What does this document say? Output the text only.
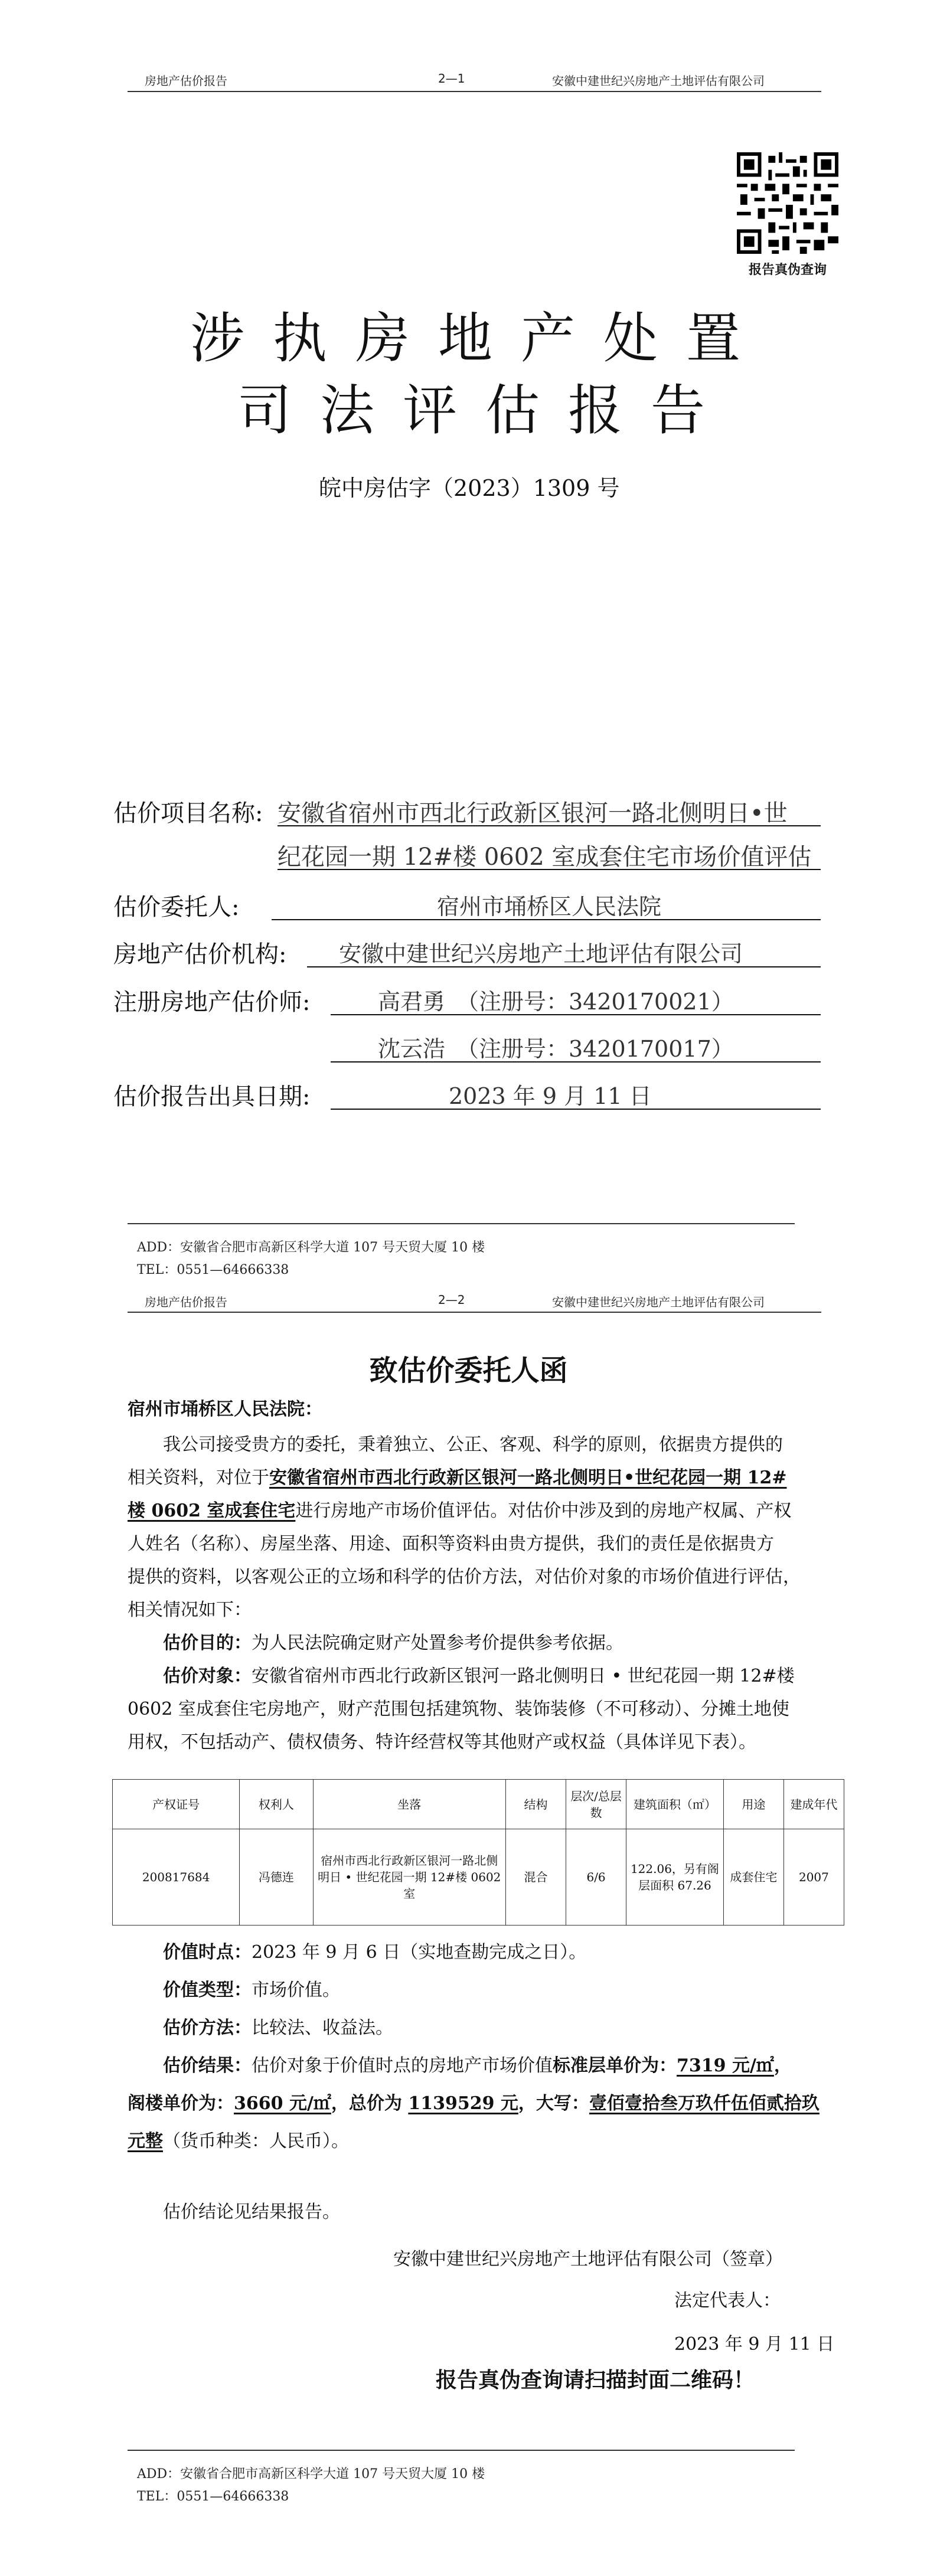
房地产估价报告	2—1	安徽中建世纪兴房地产土地评估有限公司
报告真伪查询
涉执房地产处置
司法评估报告
皖中房估字（2023）1309 号
估价项目名称: 安徽省宿州市西北行政新区银河一路北侧明日•世
纪花园一期 12#楼 0602 室成套住宅市场价值评估
估价委托人:	宿州市埇桥区人民法院
房地产估价机构: 安徽中建世纪兴房地产土地评估有限公司
注册房地产估价师:	高君勇　（注册号：3420170021）
沈云浩　（注册号：3420170017）
估价报告出具日期:	2023 年 9 月 11 日
ADD：安徽省合肥市高新区科学大道 107 号天贸大厦 10 楼
TEL：0551—64666338
房地产估价报告	2—2	安徽中建世纪兴房地产土地评估有限公司
致估价委托人函
宿州市埇桥区人民法院：
我公司接受贵方的委托，秉着独立、公正、客观、科学的原则，依据贵方提供的
相关资料，对位于安徽省宿州市西北行政新区银河一路北侧明日•世纪花园一期 12#
楼 0602 室成套住宅进行房地产市场价值评估。对估价中涉及到的房地产权属、产权
人姓名（名称）、房屋坐落、用途、面积等资料由贵方提供，我们的责任是依据贵方
提供的资料，以客观公正的立场和科学的估价方法，对估价对象的市场价值进行评估，
相关情况如下：
估价目的：为人民法院确定财产处置参考价提供参考依据。
估价对象：安徽省宿州市西北行政新区银河一路北侧明日 • 世纪花园一期 12#楼
0602 室成套住宅房地产，财产范围包括建筑物、装饰装修（不可移动）、分摊土地使
用权，不包括动产、债权债务、特许经营权等其他财产或权益（具体详见下表）。
产权证号	权利人	坐落	结构	层次/总层数	建筑面积（㎡）	用途	建成年代
200817684	冯德连	宿州市西北行政新区银河一路北侧明日 • 世纪花园一期 12#楼 0602 室	混合	6/6	122.06，另有阁层面积 67.26	成套住宅	2007
价值时点：2023 年 9 月 6 日（实地查勘完成之日）。
价值类型：市场价值。
估价方法：比较法、收益法。
估价结果：估价对象于价值时点的房地产市场价值标准层单价为：7319 元/㎡，
阁楼单价为：3660 元/㎡，总价为 1139529 元，大写：壹佰壹拾叁万玖仟伍佰贰拾玖
元整（货币种类：人民币）。
估价结论见结果报告。
安徽中建世纪兴房地产土地评估有限公司（签章）
法定代表人：
2023 年 9 月 11 日
报告真伪查询请扫描封面二维码！
ADD：安徽省合肥市高新区科学大道 107 号天贸大厦 10 楼
TEL：0551—64666338
